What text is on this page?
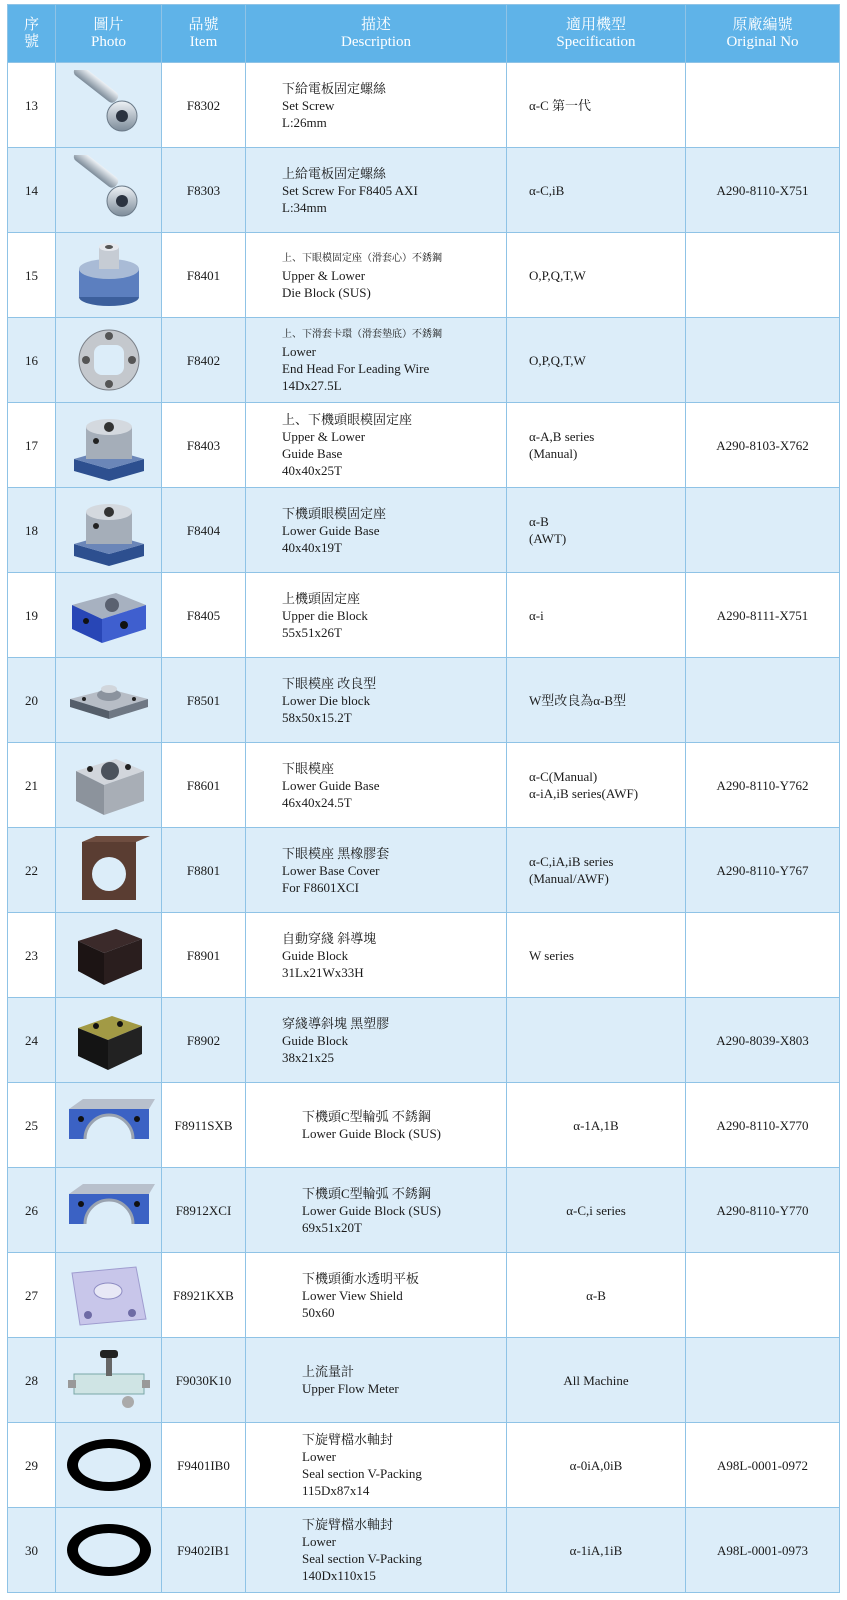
序
號	圖片
Photo	品號
Item	描述
Description	適用機型
Specification	原廠編號
Original No

13		F8302	下給電板固定螺絲
Set Screw
L:26mm	α-C 第一代	

14		F8303	上給電板固定螺絲
Set Screw For F8405 AXI
L:34mm	α-C,iB	A290-8110-X751
15		F8401	上、下眼模固定座（滑套心）不銹鋼
Upper & Lower
Die Block (SUS)	O,P,Q,T,W	

16		F8402	上、下滑套卡環（滑套墊底）不銹鋼
Lower
End Head For Leading Wire
14Dx27.5L	O,P,Q,T,W	

17		F8403	上、下機頭眼模固定座
Upper & Lower
Guide Base
40x40x25T	α-A,B series
(Manual)	A290-8103-X762
18		F8404	下機頭眼模固定座
Lower Guide Base
40x40x19T	α-B
(AWT)	

19		F8405	上機頭固定座
Upper die Block
55x51x26T	α-i	A290-8111-X751
20		F8501	下眼模座 改良型
Lower Die block
58x50x15.2T	W型改良為α-B型	

21		F8601	下眼模座
Lower Guide Base
46x40x24.5T	α-C(Manual)
α-iA,iB series(AWF)	A290-8110-Y762
22		F8801	下眼模座 黑橡膠套
Lower Base Cover
For F8601XCI	α-C,iA,iB series
(Manual/AWF)	A290-8110-Y767
23		F8901	自動穿綫 斜導塊
Guide Block
31Lx21Wx33H	W series	

24		F8902	穿綫導斜塊 黑塑膠
Guide Block
38x21x25		A290-8039-X803
25		F8911SXB	下機頭C型輪弧 不銹鋼
Lower Guide Block (SUS)	α-1A,1B	A290-8110-X770
26		F8912XCI	下機頭C型輪弧 不銹鋼
Lower Guide Block (SUS)
69x51x20T	α-C,i series	A290-8110-Y770
27		F8921KXB	下機頭衝水透明平板
Lower View Shield
50x60	α-B	

28		F9030K10	上流量計
Upper Flow Meter	All Machine	

29		F9401IB0	下旋臂檔水軸封
Lower
Seal section V-Packing
115Dx87x14	α-0iA,0iB	A98L-0001-0972
30		F9402IB1	下旋臂檔水軸封
Lower
Seal section V-Packing
140Dx110x15	α-1iA,1iB	A98L-0001-0973
